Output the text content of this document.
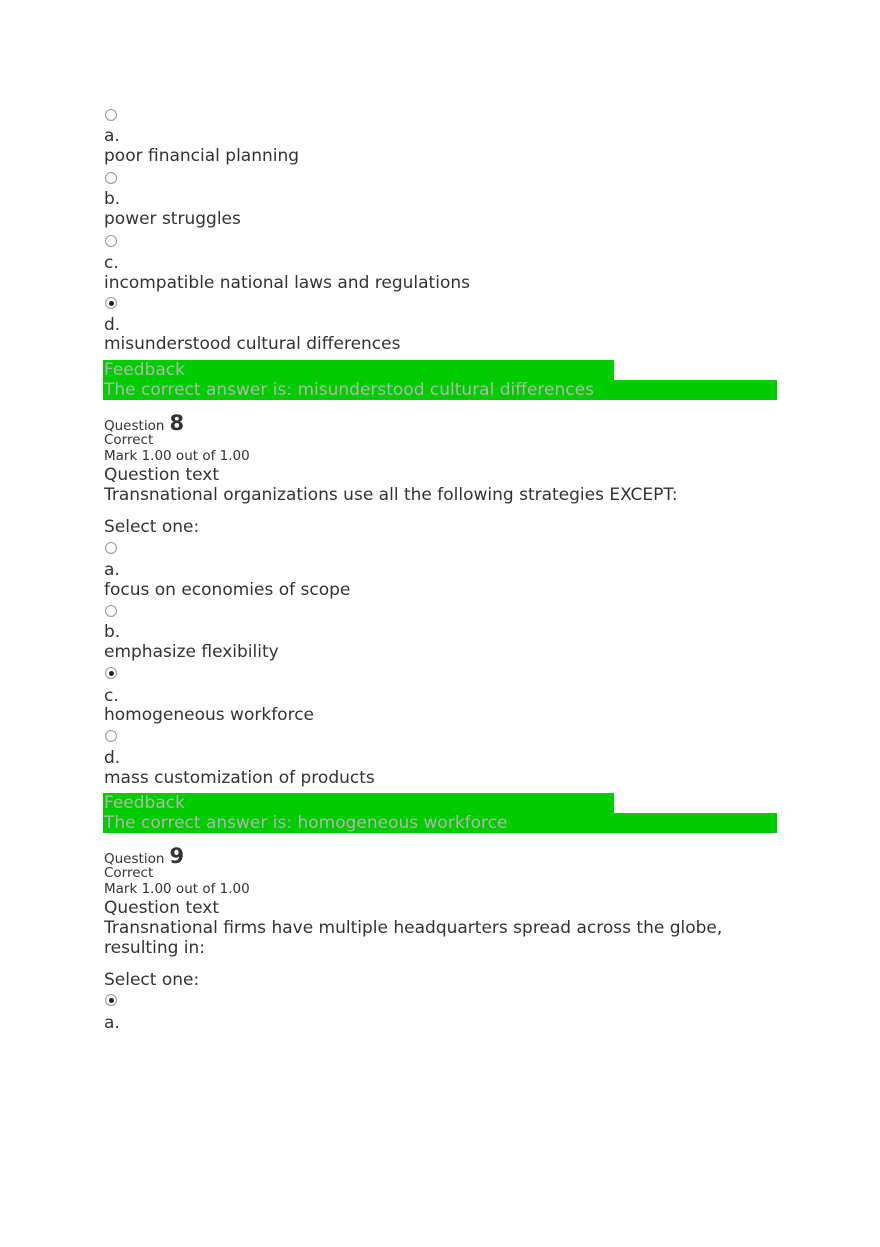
a.
poor financial planning
b.
power struggles
c.
incompatible national laws and regulations
d.
misunderstood cultural differences
Feedback
The correct answer is: misunderstood cultural differences
Question 8
Correct
Mark 1.00 out of 1.00
Question text
Transnational organizations use all the following strategies EXCEPT:
Select one:
a.
focus on economies of scope
b.
emphasize flexibility
c.
homogeneous workforce
d.
mass customization of products
Feedback
The correct answer is: homogeneous workforce
Question 9
Correct
Mark 1.00 out of 1.00
Question text
Transnational firms have multiple headquarters spread across the globe,
resulting in:
Select one:
a.
